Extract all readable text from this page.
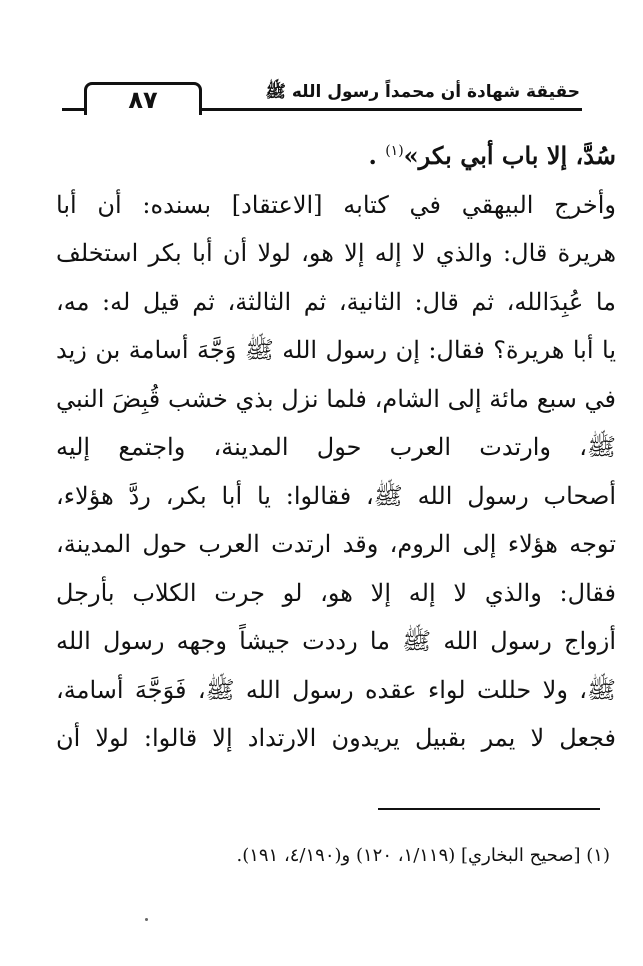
٨٧	حقيقة شهادة أن محمداً رسول الله ﷺ
سُدَّ، إلا باب أبي بكر»$^{(١)}$ .
وأخرج البيهقي في كتابه [الاعتقاد] بسنده: أن أبا
هريرة قال: والذي لا إله إلا هو، لولا أن أبا بكر استخلف
ما عُبِدَالله، ثم قال: الثانية، ثم الثالثة، ثم قيل له: مه،
يا أبا هريرة؟ فقال: إن رسول الله ﷺ وَجَّهَ أسامة بن زيد
في سبع مائة إلى الشام، فلما نزل بذي خشب قُبِضَ النبي
ﷺ، وارتدت العرب حول المدينة، واجتمع إليه
أصحاب رسول الله ﷺ، فقالوا: يا أبا بكر، ردَّ هؤلاء،
توجه هؤلاء إلى الروم، وقد ارتدت العرب حول المدينة،
فقال: والذي لا إله إلا هو، لو جرت الكلاب بأرجل
أزواج رسول الله ﷺ ما رددت جيشاً وجهه رسول الله
ﷺ، ولا حللت لواء عقده رسول الله ﷺ، فَوَجَّهَ أسامة،
فجعل لا يمر بقبيل يريدون الارتداد إلا قالوا: لولا أن
(١) [صحيح البخاري] (١/١١٩، ١٢٠) و(٤/١٩٠، ١٩١).
